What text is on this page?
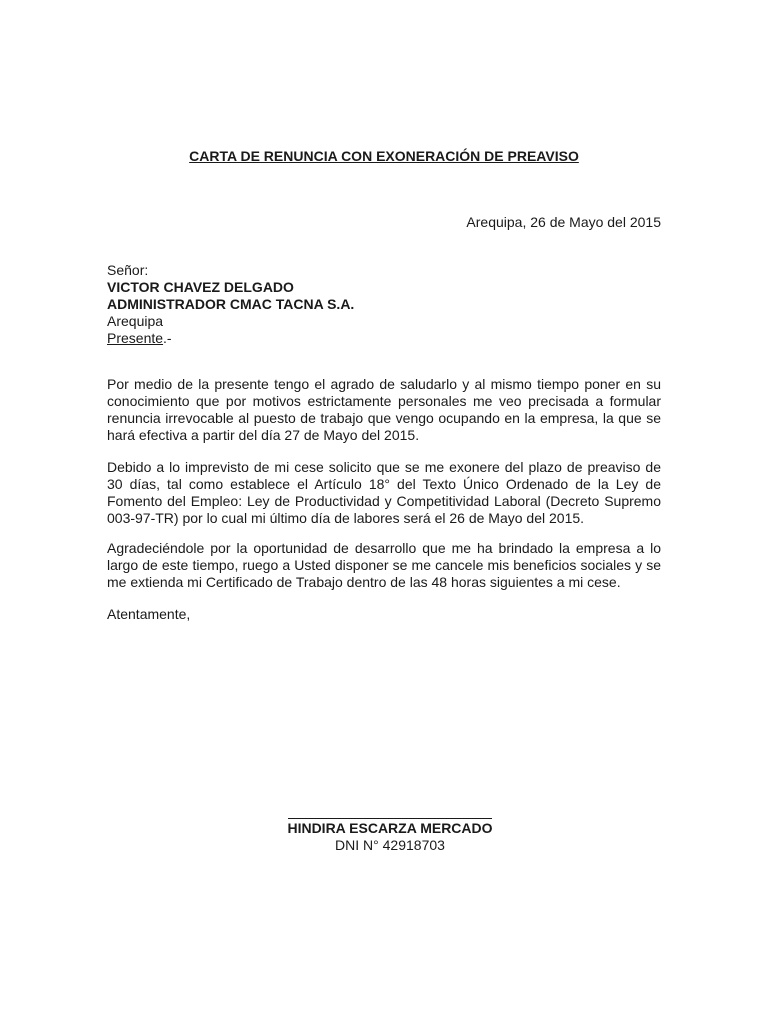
CARTA DE RENUNCIA CON EXONERACIÓN DE PREAVISO
Arequipa, 26 de Mayo del 2015
Señor:
VICTOR CHAVEZ DELGADO
ADMINISTRADOR CMAC TACNA S.A.
Arequipa
Presente.-

Por medio de la presente tengo el agrado de saludarlo y al mismo tiempo poner en su conocimiento que por motivos estrictamente personales me veo precisada a formular renuncia irrevocable al puesto de trabajo que vengo ocupando en la empresa, la que se hará efectiva a partir del día 27 de Mayo del 2015.

Debido a lo imprevisto de mi cese solicito que se me exonere del plazo de preaviso de 30 días, tal como establece el Artículo 18° del Texto Único Ordenado de la Ley de Fomento del Empleo: Ley de Productividad y Competitividad Laboral (Decreto Supremo 003-97-TR) por lo cual mi último día de labores será el 26 de Mayo del 2015.

Agradeciéndole por la oportunidad de desarrollo que me ha brindado la empresa a lo largo de este tiempo, ruego a Usted disponer se me cancele mis beneficios sociales y se me extienda mi Certificado de Trabajo dentro de las 48 horas siguientes a mi cese.

Atentamente,

HINDIRA ESCARZA MERCADO
DNI N° 42918703
